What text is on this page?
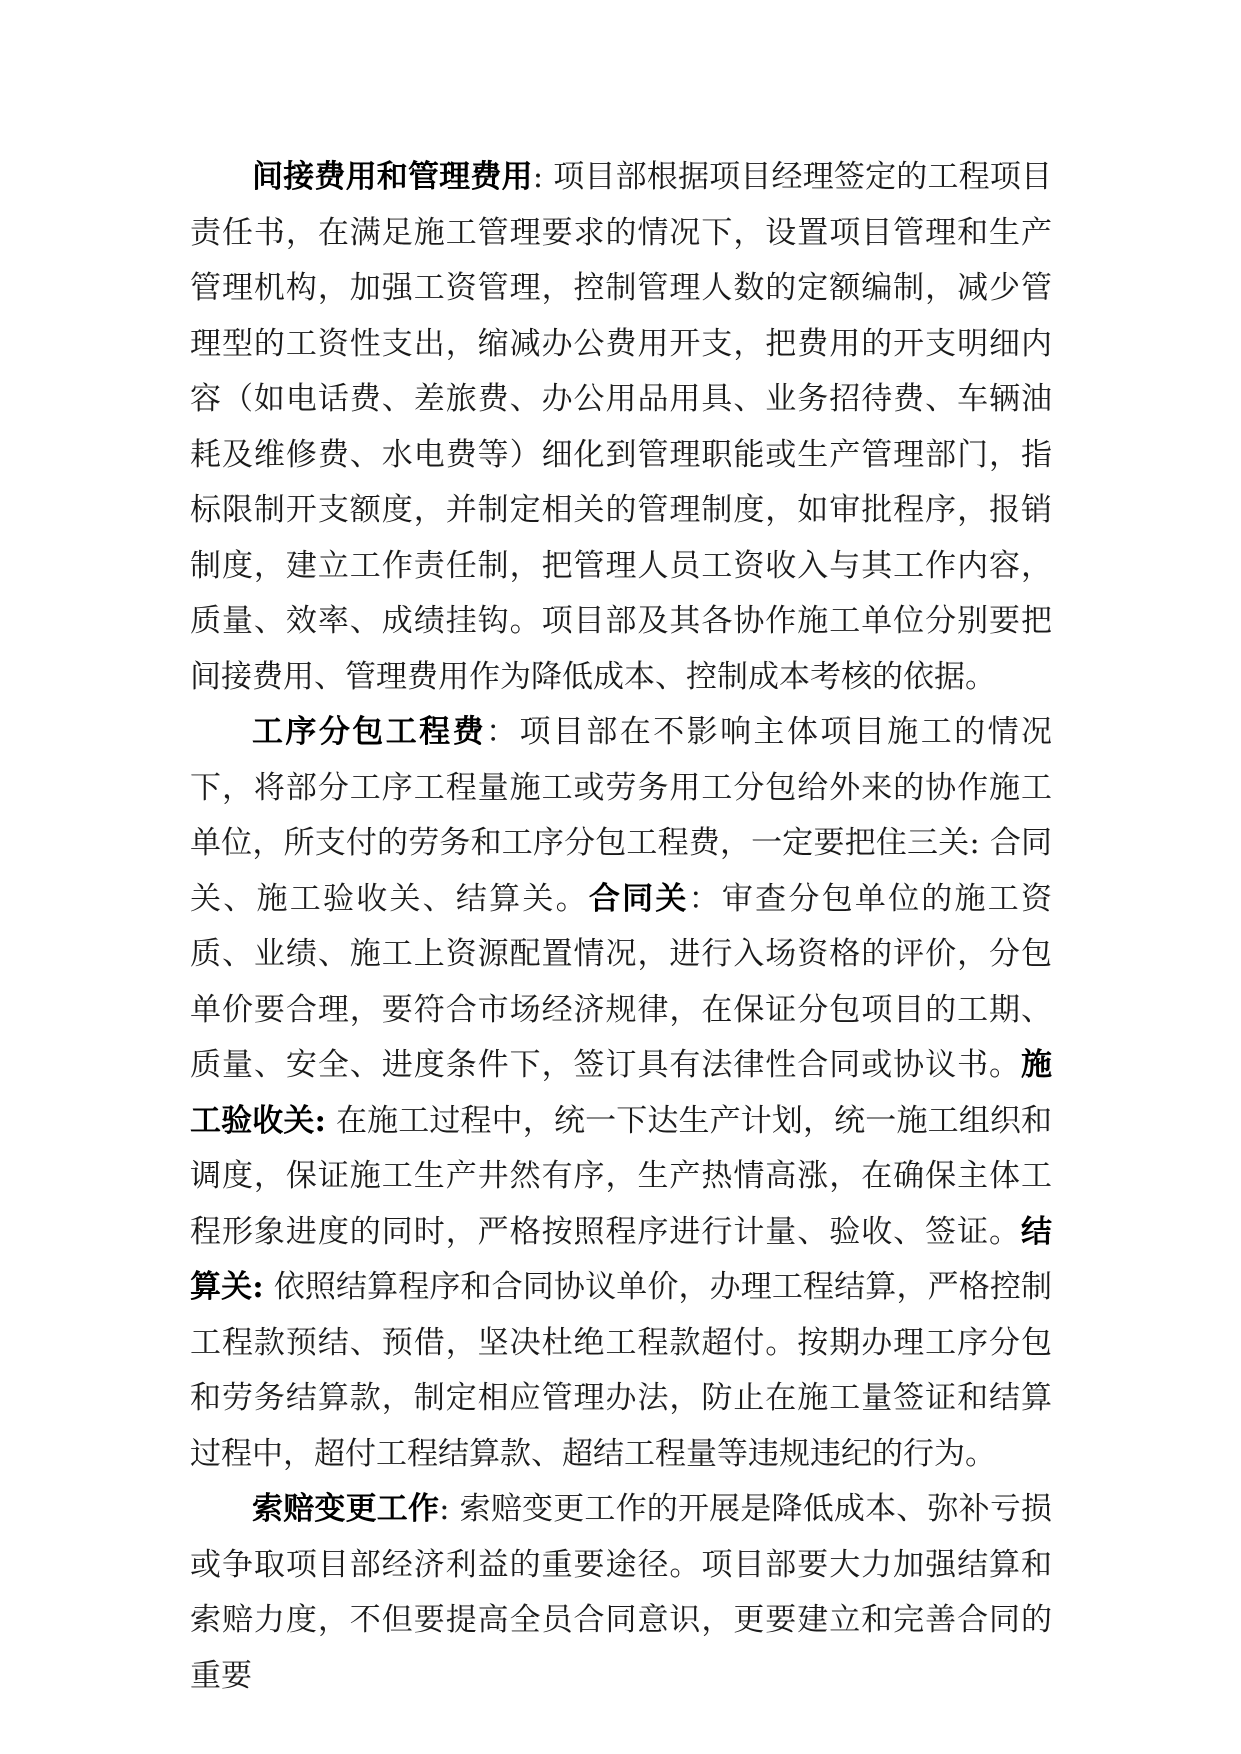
间接费用和管理费用: 项目部根据项目经理签定的工程项目责任书，在满足施工管理要求的情况下，设置项目管理和生产管理机构，加强工资管理，控制管理人数的定额编制，减少管理型的工资性支出，缩减办公费用开支，把费用的开支明细内容（如电话费、差旅费、办公用品用具、业务招待费、车辆油耗及维修费、水电费等）细化到管理职能或生产管理部门，指标限制开支额度，并制定相关的管理制度，如审批程序，报销制度，建立工作责任制，把管理人员工资收入与其工作内容，质量、效率、成绩挂钩。项目部及其各协作施工单位分别要把间接费用、管理费用作为降低成本、控制成本考核的依据。

工序分包工程费：项目部在不影响主体项目施工的情况下，将部分工序工程量施工或劳务用工分包给外来的协作施工单位，所支付的劳务和工序分包工程费，一定要把住三关: 合同关、施工验收关、结算关。合同关：审查分包单位的施工资质、业绩、施工上资源配置情况，进行入场资格的评价，分包单价要合理，要符合市场经济规律，在保证分包项目的工期、质量、安全、进度条件下，签订具有法律性合同或协议书。施工验收关: 在施工过程中，统一下达生产计划，统一施工组织和调度，保证施工生产井然有序，生产热情高涨，在确保主体工程形象进度的同时，严格按照程序进行计量、验收、签证。结算关: 依照结算程序和合同协议单价，办理工程结算，严格控制工程款预结、预借，坚决杜绝工程款超付。按期办理工序分包和劳务结算款，制定相应管理办法，防止在施工量签证和结算过程中，超付工程结算款、超结工程量等违规违纪的行为。

索赔变更工作: 索赔变更工作的开展是降低成本、弥补亏损或争取项目部经济利益的重要途径。项目部要大力加强结算和索赔力度，不但要提高全员合同意识，更要建立和完善合同的重要
